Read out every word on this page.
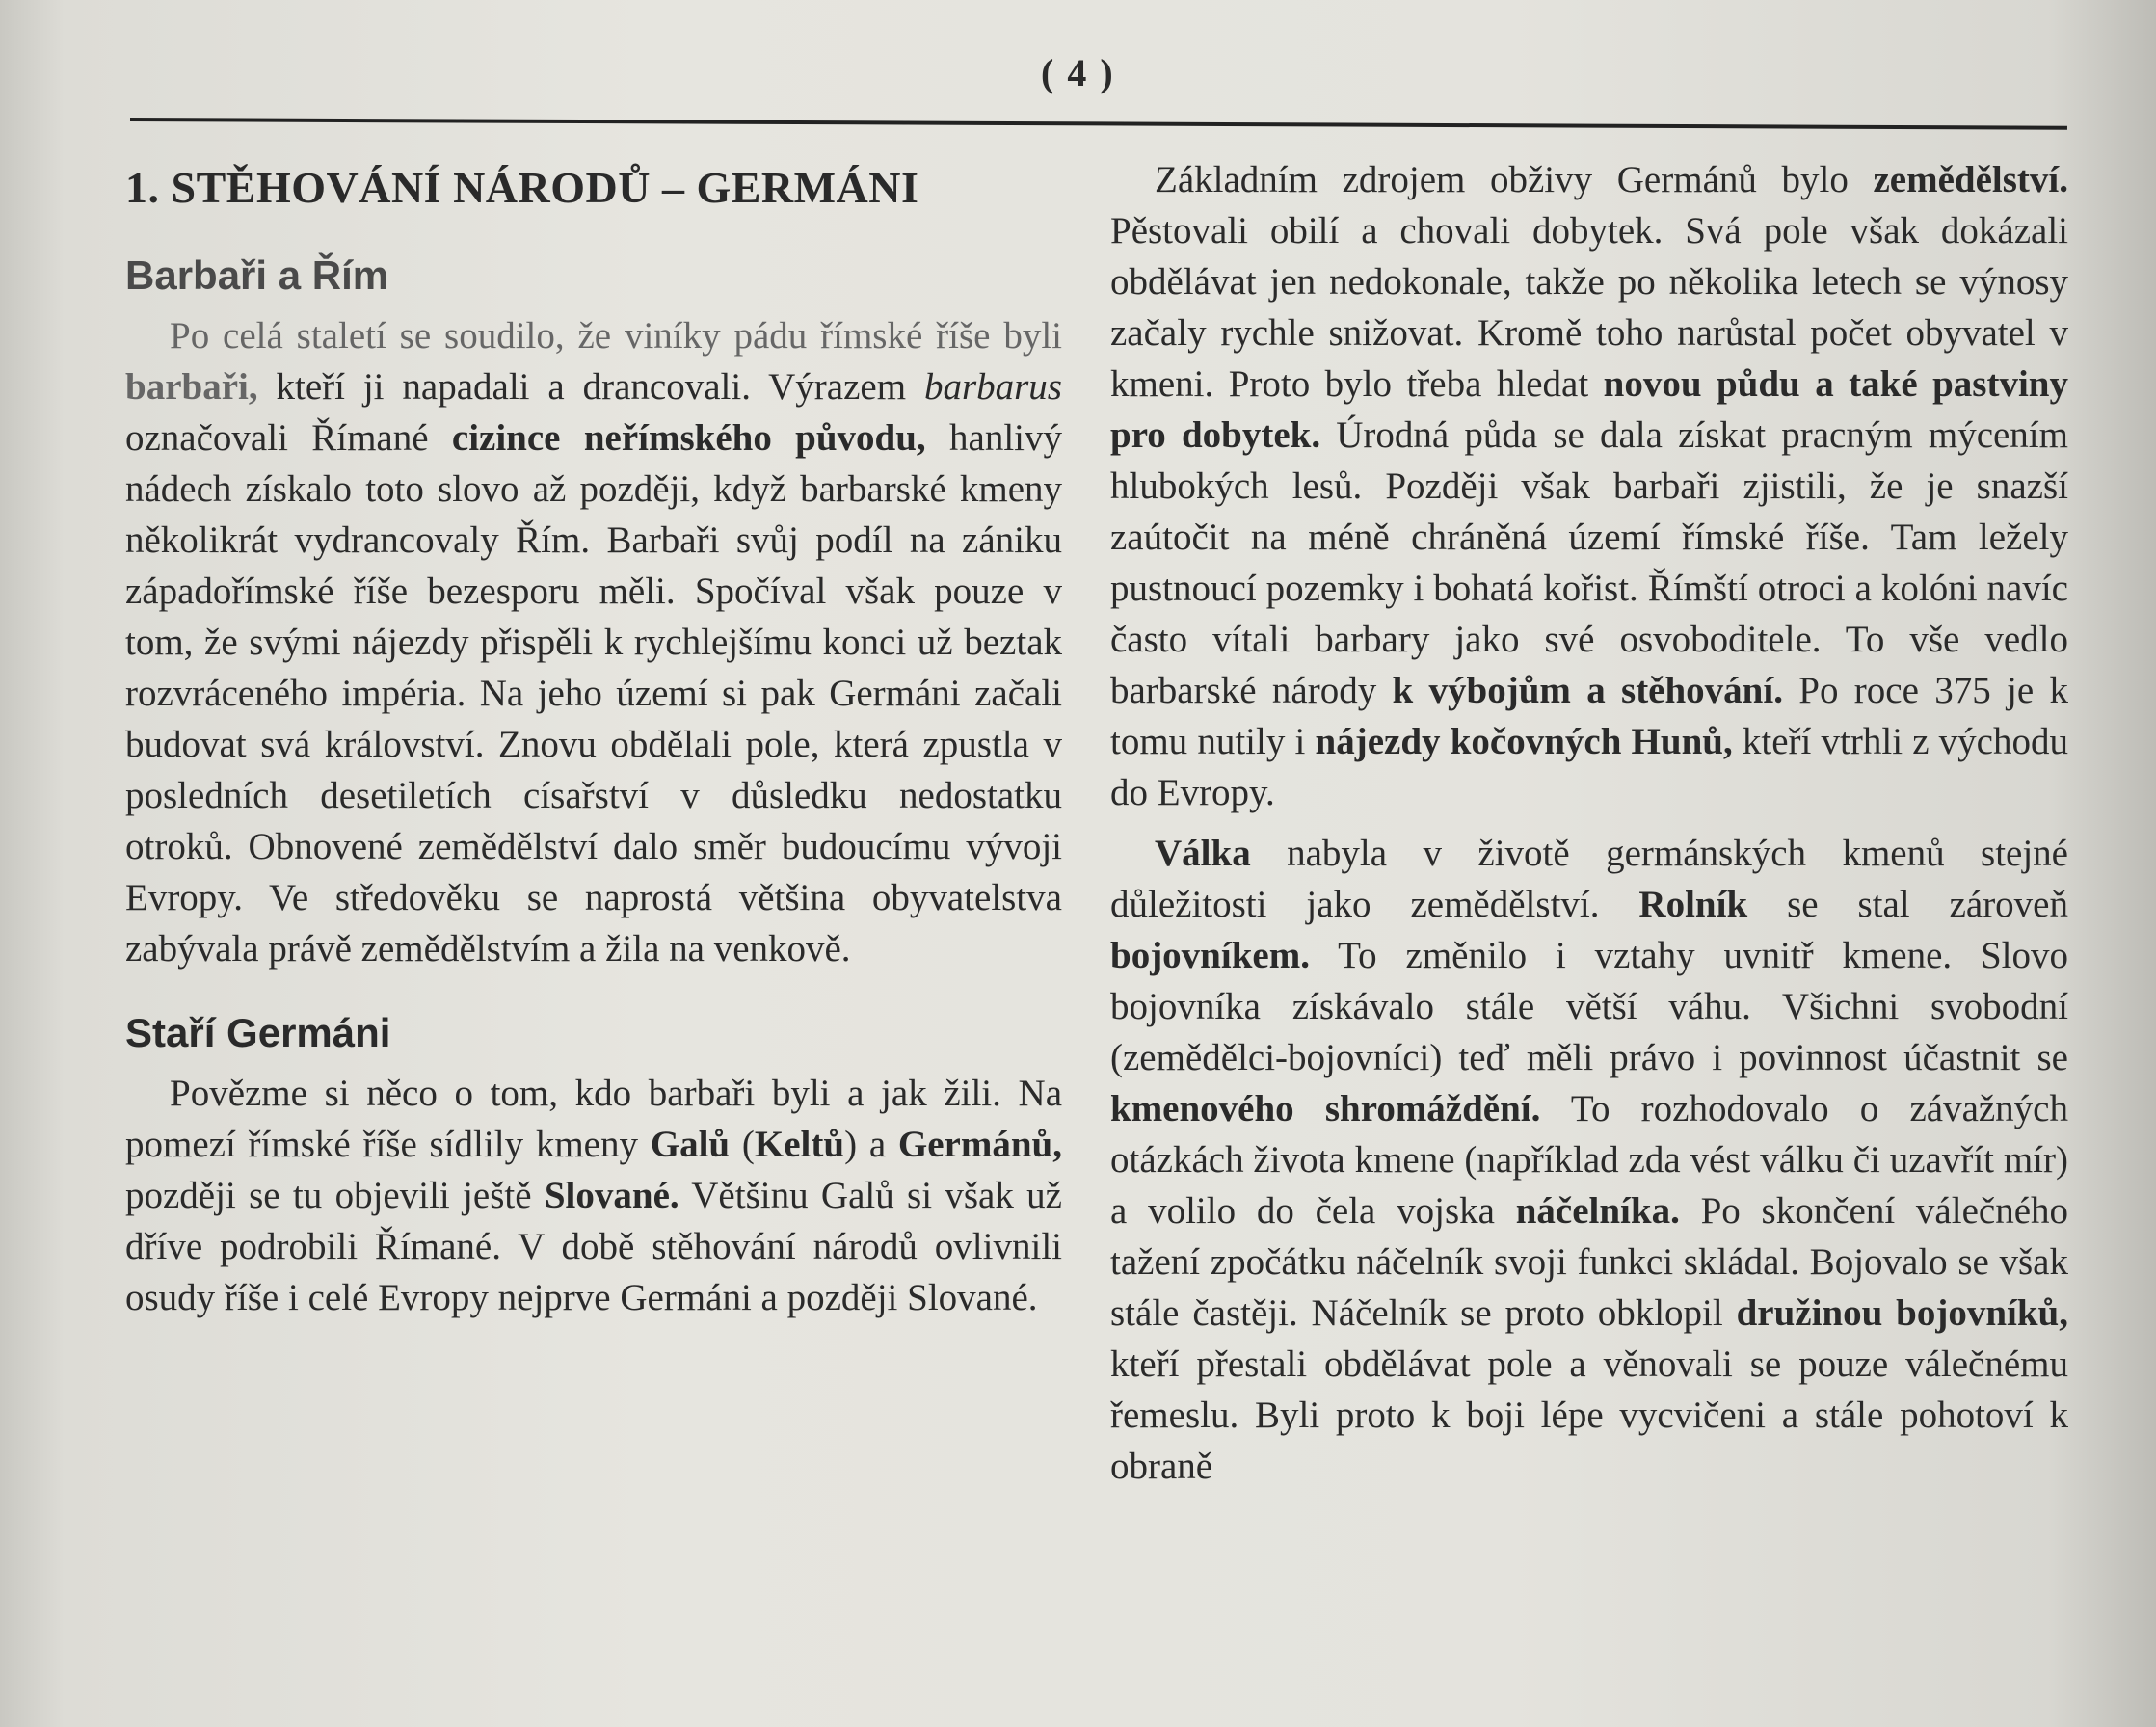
( 4 )
1. STĚHOVÁNÍ NÁRODŮ – GERMÁNI
Barbaři a Řím

Po celá staletí se soudilo, že viníky pádu římské říše byli barbaři, kteří ji napadali a drancovali. Výrazem barbarus označovali Římané cizince neřímského původu, hanlivý nádech získalo toto slovo až později, když barbarské kmeny několikrát vydrancovaly Řím. Barbaři svůj podíl na zániku západořímské říše bezesporu měli. Spočíval však pouze v tom, že svými nájezdy přispěli k rychlejšímu konci už beztak rozvráceného impéria. Na jeho území si pak Germáni začali budovat svá království. Znovu obdělali pole, která zpustla v posledních desetiletích císařství v důsledku nedostatku otroků. Obnovené zemědělství dalo směr budoucímu vývoji Evropy. Ve středověku se naprostá většina obyvatelstva zabývala právě zemědělstvím a žila na venkově.

Staří Germáni

Povězme si něco o tom, kdo barbaři byli a jak žili. Na pomezí římské říše sídlily kmeny Galů (Keltů) a Germánů, později se tu objevili ještě Slované. Většinu Galů si však už dříve podrobili Římané. V době stěhování národů ovlivnili osudy říše i celé Evropy nejprve Germáni a později Slované.

Základním zdrojem obživy Germánů bylo zemědělství. Pěstovali obilí a chovali dobytek. Svá pole však dokázali obdělávat jen nedokonale, takže po několika letech se výnosy začaly rychle snižovat. Kromě toho narůstal počet obyvatel v kmeni. Proto bylo třeba hledat novou půdu a také pastviny pro dobytek. Úrodná půda se dala získat pracným mýcením hlubokých lesů. Později však barbaři zjistili, že je snazší zaútočit na méně chráněná území římské říše. Tam ležely pustnoucí pozemky i bohatá kořist. Římští otroci a kolóni navíc často vítali barbary jako své osvoboditele. To vše vedlo barbarské národy k výbojům a stěhování. Po roce 375 je k tomu nutily i nájezdy kočovných Hunů, kteří vtrhli z východu do Evropy.

Válka nabyla v životě germánských kmenů stejné důležitosti jako zemědělství. Rolník se stal zároveň bojovníkem. To změnilo i vztahy uvnitř kmene. Slovo bojovníka získávalo stále větší váhu. Všichni svobodní (zemědělci-bojovníci) teď měli právo i povinnost účastnit se kmenového shromáždění. To rozhodovalo o závažných otázkách života kmene (například zda vést válku či uzavřít mír) a volilo do čela vojska náčelníka. Po skončení válečného tažení zpočátku náčelník svoji funkci skládal. Bojovalo se však stále častěji. Náčelník se proto obklopil družinou bojovníků, kteří přestali obdělávat pole a věnovali se pouze válečnému řemeslu. Byli proto k boji lépe vycvičeni a stále pohotoví k obraně
